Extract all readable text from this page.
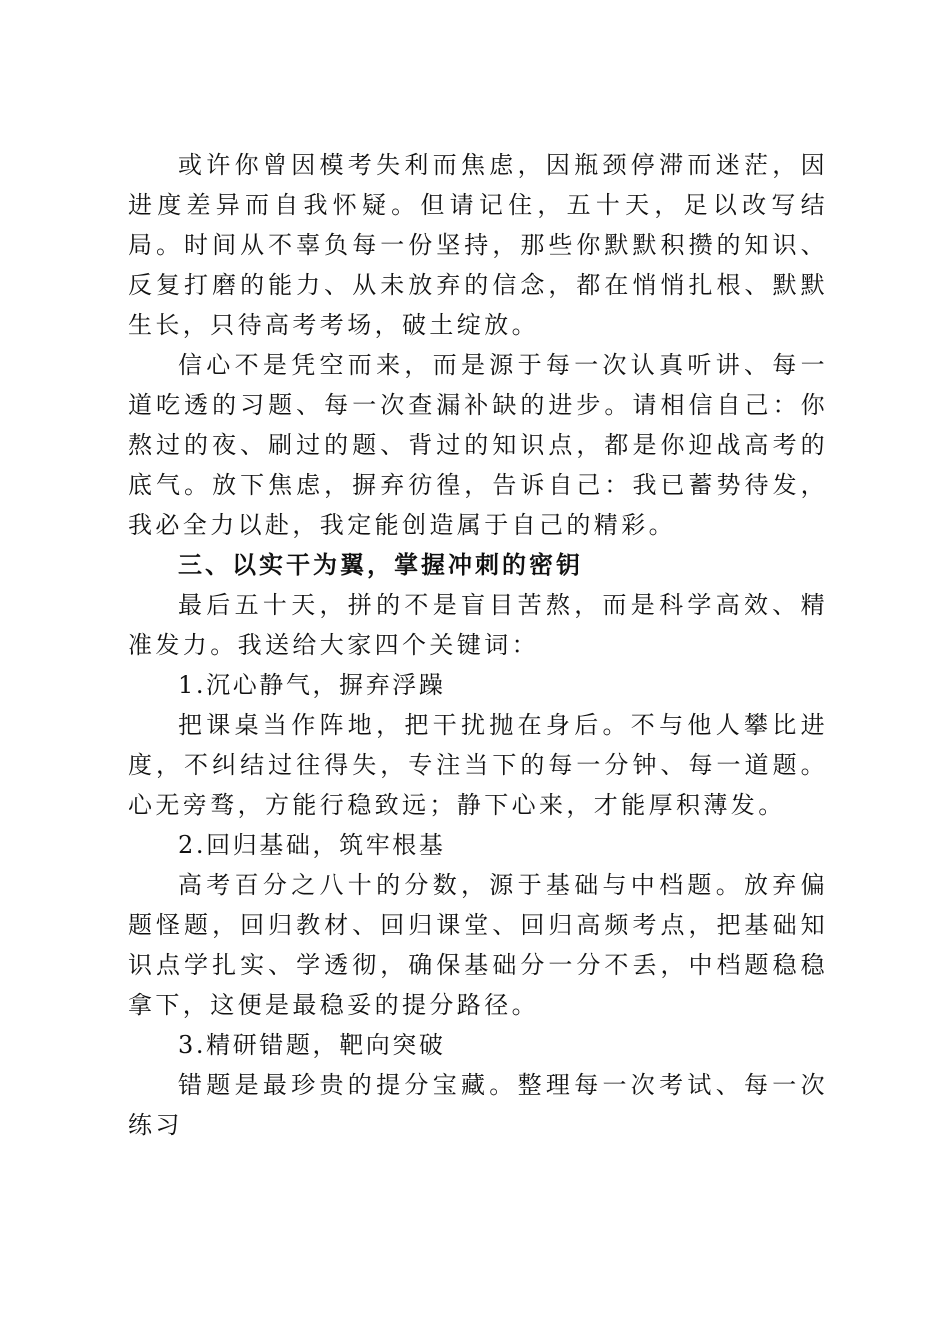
或许你曾因模考失利而焦虑，因瓶颈停滞而迷茫，因进度差异而自我怀疑。但请记住，五十天，足以改写结局。时间从不辜负每一份坚持，那些你默默积攒的知识、反复打磨的能力、从未放弃的信念，都在悄悄扎根、默默生长，只待高考考场，破土绽放。

信心不是凭空而来，而是源于每一次认真听讲、每一道吃透的习题、每一次查漏补缺的进步。请相信自己：你熬过的夜、刷过的题、背过的知识点，都是你迎战高考的底气。放下焦虑，摒弃彷徨，告诉自己：我已蓄势待发，我必全力以赴，我定能创造属于自己的精彩。

三、以实干为翼，掌握冲刺的密钥

最后五十天，拼的不是盲目苦熬，而是科学高效、精准发力。我送给大家四个关键词：

1.沉心静气，摒弃浮躁

把课桌当作阵地，把干扰抛在身后。不与他人攀比进度，不纠结过往得失，专注当下的每一分钟、每一道题。心无旁骛，方能行稳致远；静下心来，才能厚积薄发。

2.回归基础，筑牢根基

高考百分之八十的分数，源于基础与中档题。放弃偏题怪题，回归教材、回归课堂、回归高频考点，把基础知识点学扎实、学透彻，确保基础分一分不丢，中档题稳稳拿下，这便是最稳妥的提分路径。

3.精研错题，靶向突破

错题是最珍贵的提分宝藏。整理每一次考试、每一次练习
